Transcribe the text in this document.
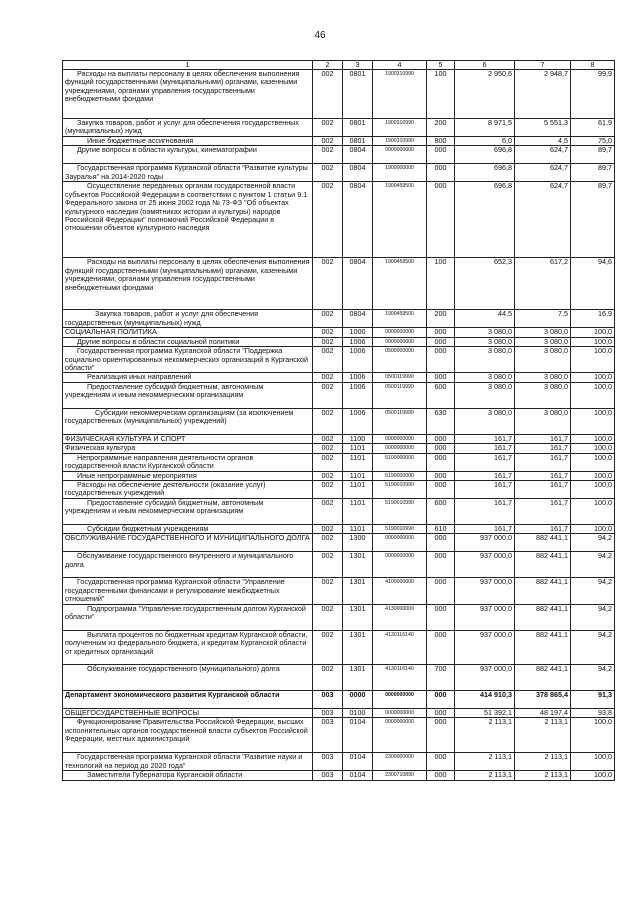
46
1	2	3	4	5	6	7	8
Расходы на выплаты персоналу в целях обеспечения выполнения функций государственными (муниципальными) органами, казенными учреждениями, органами управления государственными внебюджетными фондами	002	0801	1900310990	100	2 950,6	2 948,7	99,9
Закупка товаров, работ и услуг для обеспечения государственных (муниципальных) нужд	002	0801	1900310990	200	8 971,5	5 551,3	61,9
Иные бюджетные ассигнования	002	0801	1900310990	800	6,0	4,5	75,0
Другие вопросы в области культуры, кинематографии	002	0804	0000000000	000	696,8	624,7	89,7
Государственная программа Курганской области "Развитие культуры Зауралья" на 2014-2020 годы	002	0804	1900000000	000	696,8	624,7	89,7
Осуществление переданных органам государственной власти субъектов Российской Федерации в соответствии с пунктом 1 статьи 9.1 Федерального закона от 25 июня 2002 года № 73-ФЗ "Об объектах культурного наследия (памятниках истории и культуры) народов Российской Федерации" полномочий Российской Федерации в отношении объектов культурного наследия	002	0804	1900459500	000	696,8	624,7	89,7
Расходы на выплаты персоналу в целях обеспечения выполнения функций государственными (муниципальными) органами, казенными учреждениями, органами управления государственными внебюджетными фондами	002	0804	1900459500	100	652,3	617,2	94,6
Закупка товаров, работ и услуг для обеспечения государственных (муниципальных) нужд	002	0804	1900459500	200	44,5	7,5	16,9
СОЦИАЛЬНАЯ ПОЛИТИКА	002	1000	0000000000	000	3 080,0	3 080,0	100,0
Другие вопросы в области социальной политики	002	1006	0000000000	000	3 080,0	3 080,0	100,0
Государственная программа Курганской области "Поддержка социально ориентированных некоммерческих организаций в Курганской области"	002	1006	0500000000	000	3 080,0	3 080,0	100,0
Реализация иных направлений	002	1006	0500119990	000	3 080,0	3 080,0	100,0
Предоставление субсидий бюджетным, автономным учреждениям и иным некоммерческим организациям	002	1006	0500119990	600	3 080,0	3 080,0	100,0
Субсидии некоммерческим организациям (за исключением государственных (муниципальных) учреждений)	002	1006	0500119990	630	3 080,0	3 080,0	100,0
ФИЗИЧЕСКАЯ КУЛЬТУРА И СПОРТ	002	1100	0000000000	000	161,7	161,7	100,0
Физическая культура	002	1101	0000000000	000	161,7	161,7	100,0
Непрограммные направления деятельности органов государственной власти Курганской области	002	1101	5100000000	000	161,7	161,7	100,0
Иные непрограммные мероприятия	002	1101	5190000000	000	161,7	161,7	100,0
Расходы на обеспечение деятельности (оказание услуг) государственных учреждений	002	1101	5190010990	000	161,7	161,7	100,0
Предоставление субсидий бюджетным, автономным учреждениям и иным некоммерческим организациям	002	1101	5190010990	600	161,7	161,7	100,0
Субсидии бюджетным учреждениям	002	1101	5190010990	610	161,7	161,7	100,0
ОБСЛУЖИВАНИЕ ГОСУДАРСТВЕННОГО И МУНИЦИПАЛЬНОГО ДОЛГА	002	1300	0000000000	000	937 000,0	882 441,1	94,2
Обслуживание государственного внутреннего и муниципального долга	002	1301	0000000000	000	937 000,0	882 441,1	94,2
Государственная программа Курганской области "Управление государственными финансами и регулирование межбюджетных отношений"	002	1301	4100000000	000	937 000,0	882 441,1	94,2
Подпрограмма "Управление государственным долгом Курганской области"	002	1301	4130000000	000	937 000,0	882 441,1	94,2
Выплата процентов по бюджетным кредитам Курганской области, полученным из федерального бюджета, и кредитам Курганской области от кредитных организаций	002	1301	4130116140	000	937 000,0	882 441,1	94,2
Обслуживание государственного (муниципального) долга	002	1301	4130116140	700	937 000,0	882 441,1	94,2
Департамент экономического развития Курганской области	003	0000	0000000000	000	414 910,3	378 865,4	91,3
ОБЩЕГОСУДАРСТВЕННЫЕ ВОПРОСЫ	003	0100	0000000000	000	51 392,1	48 197,4	93,8
Функционирование Правительства Российской Федерации, высших исполнительных органов государственной власти субъектов Российской Федерации, местных администраций	003	0104	0000000000	000	2 113,1	2 113,1	100,0
Государственная программа Курганской области "Развитие науки и технологий на период до 2020 года"	003	0104	2300000000	000	2 113,1	2 113,1	100,0
Заместители Губернатора Курганской области	003	0104	2300710890	000	2 113,1	2 113,1	100,0
